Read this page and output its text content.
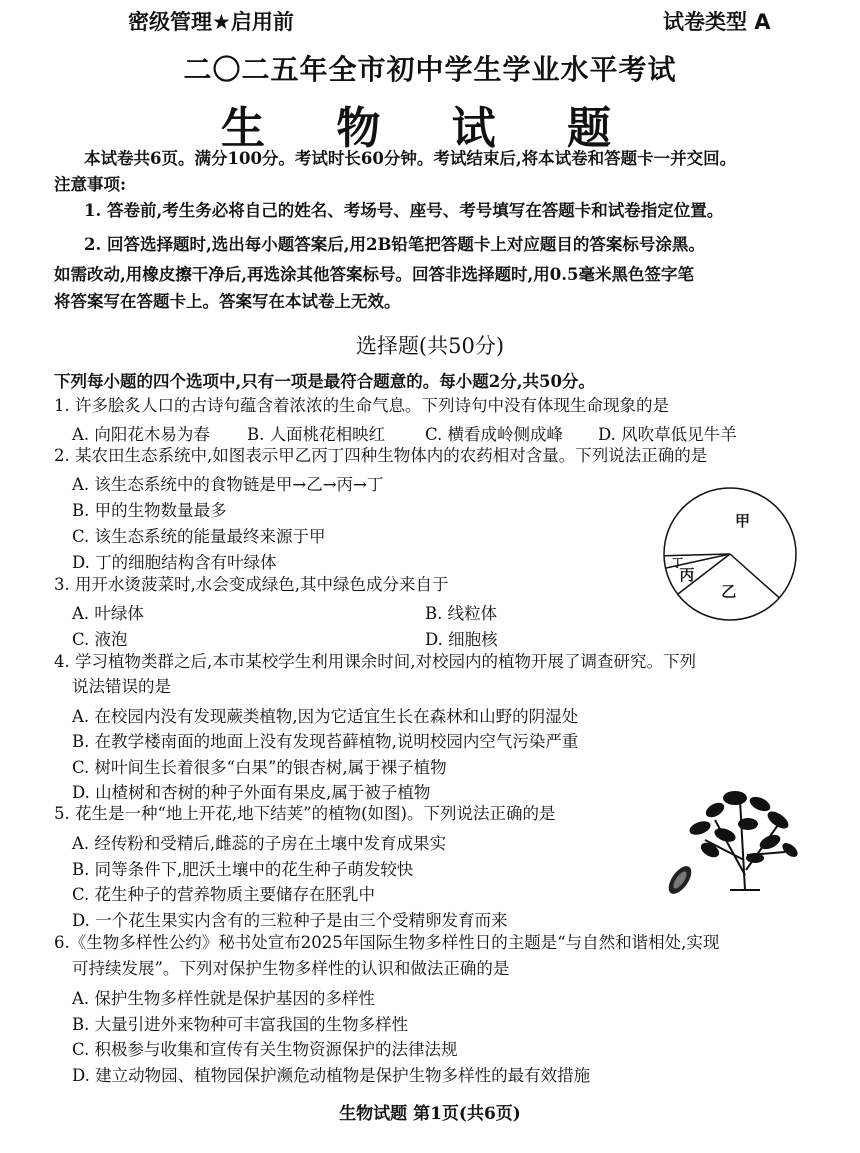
密级管理★启用前	试卷类型 A
二〇二五年全市初中学生学业水平考试
生 物 试 题
本试卷共6页。满分100分。考试时长60分钟。考试结束后,将本试卷和答题卡一并交回。
注意事项:
1. 答卷前,考生务必将自己的姓名、考场号、座号、考号填写在答题卡和试卷指定位置。
2. 回答选择题时,选出每小题答案后,用2B铅笔把答题卡上对应题目的答案标号涂黑。
如需改动,用橡皮擦干净后,再选涂其他答案标号。回答非选择题时,用0.5毫米黑色签字笔
将答案写在答题卡上。答案写在本试卷上无效。
选择题(共50分)
下列每小题的四个选项中,只有一项是最符合题意的。每小题2分,共50分。
1. 许多脍炙人口的古诗句蕴含着浓浓的生命气息。下列诗句中没有体现生命现象的是
A. 向阳花木易为春 B. 人面桃花相映红 C. 横看成岭侧成峰 D. 风吹草低见牛羊
2. 某农田生态系统中,如图表示甲乙丙丁四种生物体内的农药相对含量。下列说法正确的是
A. 该生态系统中的食物链是甲→乙→丙→丁
B. 甲的生物数量最多
C. 该生态系统的能量最终来源于甲
D. 丁的细胞结构含有叶绿体
甲
乙
丙
丁
3. 用开水烫菠菜时,水会变成绿色,其中绿色成分来自于
A. 叶绿体	B. 线粒体
C. 液泡	D. 细胞核
4. 学习植物类群之后,本市某校学生利用课余时间,对校园内的植物开展了调查研究。下列
说法错误的是
A. 在校园内没有发现蕨类植物,因为它适宜生长在森林和山野的阴湿处
B. 在教学楼南面的地面上没有发现苔藓植物,说明校园内空气污染严重
C. 树叶间生长着很多“白果”的银杏树,属于裸子植物
D. 山楂树和杏树的种子外面有果皮,属于被子植物
5. 花生是一种“地上开花,地下结荚”的植物(如图)。下列说法正确的是
A. 经传粉和受精后,雌蕊的子房在土壤中发育成果实
B. 同等条件下,肥沃土壤中的花生种子萌发较快
C. 花生种子的营养物质主要储存在胚乳中
D. 一个花生果实内含有的三粒种子是由三个受精卵发育而来
6.《生物多样性公约》秘书处宣布2025年国际生物多样性日的主题是“与自然和谐相处,实现
可持续发展”。下列对保护生物多样性的认识和做法正确的是
A. 保护生物多样性就是保护基因的多样性
B. 大量引进外来物种可丰富我国的生物多样性
C. 积极参与收集和宣传有关生物资源保护的法律法规
D. 建立动物园、植物园保护濒危动植物是保护生物多样性的最有效措施
生物试题 第1页(共6页)
